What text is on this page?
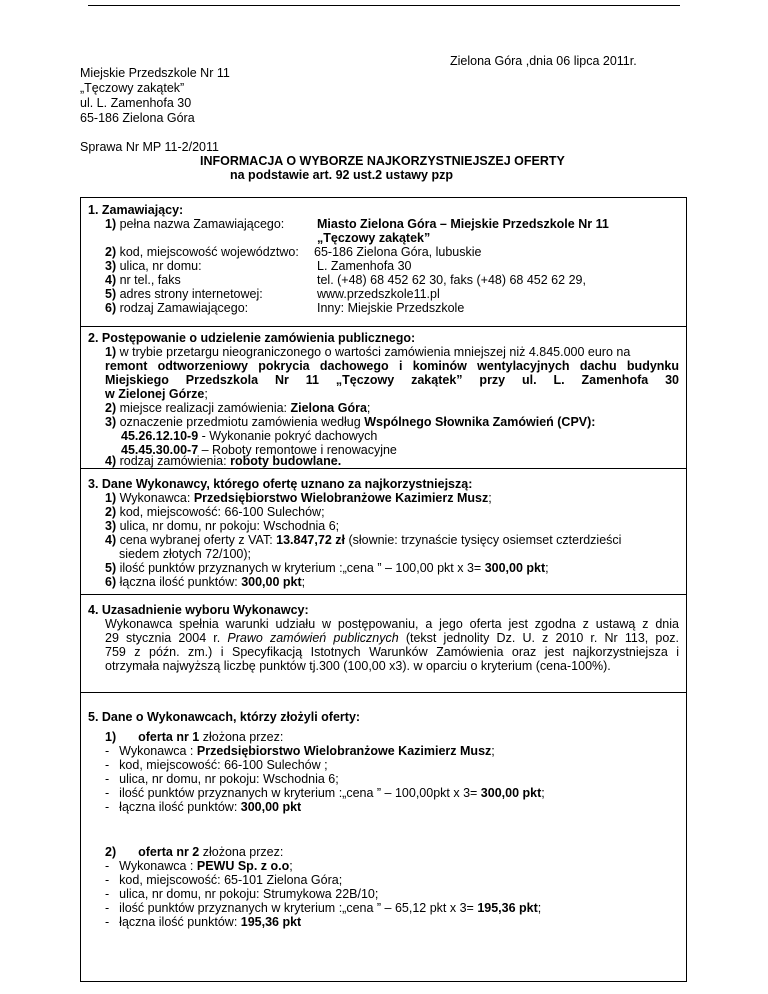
Zielona Góra ,dnia 06 lipca 2011r.
Miejskie Przedszkole Nr 11
„Tęczowy zakątek”
ul. L. Zamenhofa 30
65-186 Zielona Góra
Sprawa Nr MP 11-2/2011
INFORMACJA O WYBORZE NAJKORZYSTNIEJSZEJ OFERTY
na podstawie art. 92 ust.2 ustawy pzp
1. Zamawiający:
1) pełna nazwa Zamawiającego:	Miasto Zielona Góra – Miejskie Przedszkole Nr 11
„Tęczowy zakątek”
2) kod, miejscowość województwo: 65-186 Zielona Góra, lubuskie
3) ulica, nr domu:	L. Zamenhofa 30
4) nr tel., faks	tel. (+48) 68 452 62 30, faks (+48) 68 452 62 29,
5) adres strony internetowej:	www.przedszkole11.pl
6) rodzaj Zamawiającego:	Inny: Miejskie Przedszkole
2. Postępowanie o udzielenie zamówienia publicznego:
1) w trybie przetargu nieograniczonego o wartości zamówienia mniejszej niż 4.845.000 euro na
remont odtworzeniowy pokrycia dachowego i kominów wentylacyjnych dachu budynku
Miejskiego Przedszkola Nr 11 „Tęczowy zakątek” przy ul. L. Zamenhofa 30
w Zielonej Górze;
2) miejsce realizacji zamówienia: Zielona Góra;
3) oznaczenie przedmiotu zamówienia według Wspólnego Słownika Zamówień (CPV):
45.26.12.10-9 - Wykonanie pokryć dachowych
45.45.30.00-7 – Roboty remontowe i renowacyjne
4) rodzaj zamówienia: roboty budowlane.
3. Dane Wykonawcy, którego ofertę uznano za najkorzystniejszą:
1) Wykonawca: Przedsiębiorstwo Wielobranżowe Kazimierz Musz;
2) kod, miejscowość: 66-100 Sulechów;
3) ulica, nr domu, nr pokoju: Wschodnia 6;
4) cena wybranej oferty z VAT: 13.847,72 zł (słownie: trzynaście tysięcy osiemset czterdzieści
siedem złotych 72/100);
5) ilość punktów przyznanych w kryterium :„cena ” – 100,00 pkt x 3= 300,00 pkt;
6) łączna ilość punktów: 300,00 pkt;
4. Uzasadnienie wyboru Wykonawcy:
Wykonawca spełnia warunki udziału w postępowaniu, a jego oferta jest zgodna z ustawą z dnia
29 stycznia 2004 r. Prawo zamówień publicznych (tekst jednolity Dz. U. z 2010 r. Nr 113, poz.
759 z późn. zm.) i Specyfikacją Istotnych Warunków Zamówienia oraz jest najkorzystniejsza i
otrzymała najwyższą liczbę punktów tj.300 (100,00 x3). w oparciu o kryterium (cena-100%).
5. Dane o Wykonawcach, którzy złożyli oferty:
1) oferta nr 1 złożona przez:
- Wykonawca : Przedsiębiorstwo Wielobranżowe Kazimierz Musz;
- kod, miejscowość: 66-100 Sulechów ;
- ulica, nr domu, nr pokoju: Wschodnia 6;
- ilość punktów przyznanych w kryterium :„cena ” – 100,00pkt x 3= 300,00 pkt;
- łączna ilość punktów: 300,00 pkt
2) oferta nr 2 złożona przez:
- Wykonawca : PEWU Sp. z o.o;
- kod, miejscowość: 65-101 Zielona Góra;
- ulica, nr domu, nr pokoju: Strumykowa 22B/10;
- ilość punktów przyznanych w kryterium :„cena ” – 65,12 pkt x 3= 195,36 pkt;
- łączna ilość punktów: 195,36 pkt
